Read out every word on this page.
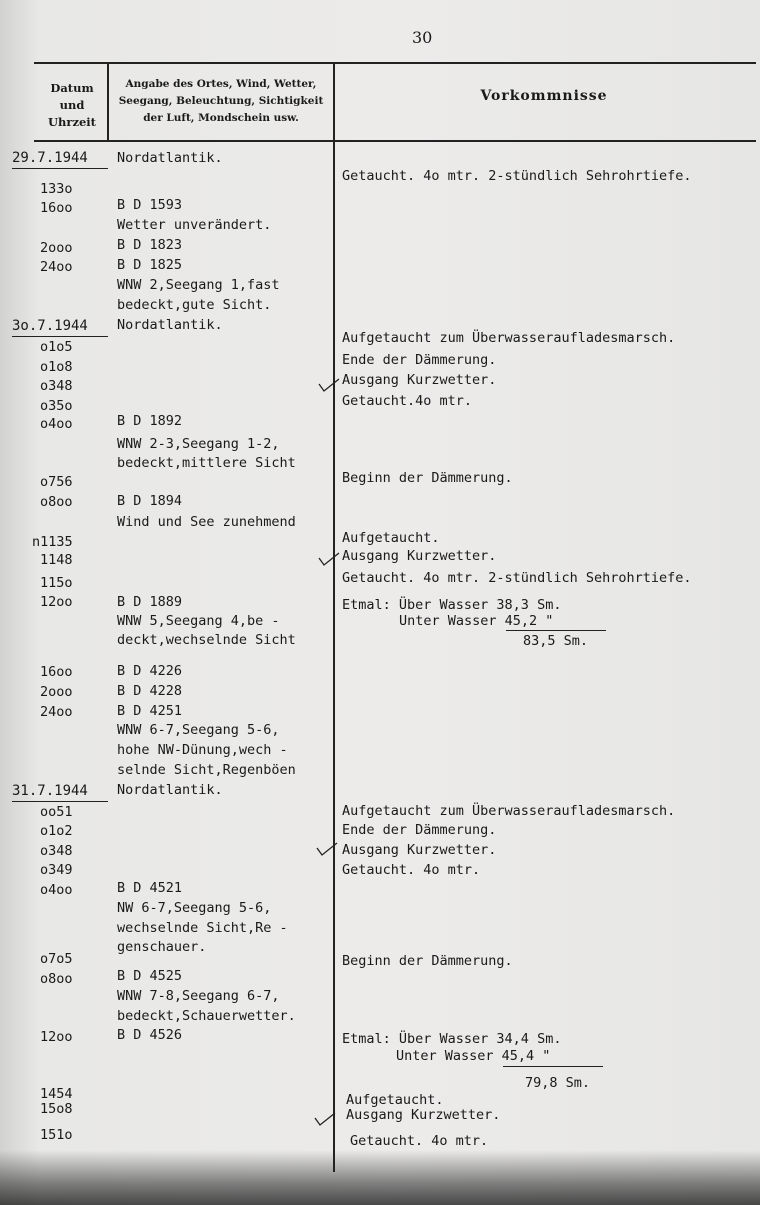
30
Datum und Uhrzeit
Angabe des Ortes, Wind, Wetter, Seegang, Beleuchtung, Sichtigkeit der Luft, Mondschein usw.
Vorkommnisse
29.7.1944
3o.7.1944
31.7.1944
133o
16oo
2ooo
24oo
o1o5
o1o8
o348
o35o
o4oo
o756
o8oo
n1135
1148
115o
12oo
16oo
2ooo
24oo
oo51
o1o2
o348
o349
o4oo
o7o5
o8oo
12oo
1454
15o8
151o
Nordatlantik.
B D 1593
Wetter unverändert.
B D 1823
B D 1825
WNW 2,Seegang 1,fast
bedeckt,gute Sicht.
Nordatlantik.
B D 1892
WNW 2-3,Seegang 1-2,
bedeckt,mittlere Sicht
B D 1894
Wind und See zunehmend
B D 1889
WNW 5,Seegang 4,be -
deckt,wechselnde Sicht
B D 4226
B D 4228
B D 4251
WNW 6-7,Seegang 5-6,
hohe NW-Dünung,wech -
selnde Sicht,Regenböen
Nordatlantik.
B D 4521
NW 6-7,Seegang 5-6,
wechselnde Sicht,Re -
genschauer.
B D 4525
WNW 7-8,Seegang 6-7,
bedeckt,Schauerwetter.
B D 4526
Getaucht. 4o mtr. 2-stündlich Sehrohrtiefe.
Aufgetaucht zum Überwasseraufladesmarsch.
Ende der Dämmerung.
Ausgang Kurzwetter.
Getaucht.4o mtr.
Beginn der Dämmerung.
Aufgetaucht.
Ausgang Kurzwetter.
Getaucht. 4o mtr. 2-stündlich Sehrohrtiefe.
Etmal: Über Wasser 38,3 Sm.
Unter Wasser 45,2 "
83,5 Sm.
Aufgetaucht zum Überwasseraufladesmarsch.
Ende der Dämmerung.
Ausgang Kurzwetter.
Getaucht. 4o mtr.
Beginn der Dämmerung.
Etmal: Über Wasser 34,4 Sm.
Unter Wasser 45,4 "
79,8 Sm.
Aufgetaucht.
Ausgang Kurzwetter.
Getaucht. 4o mtr.
